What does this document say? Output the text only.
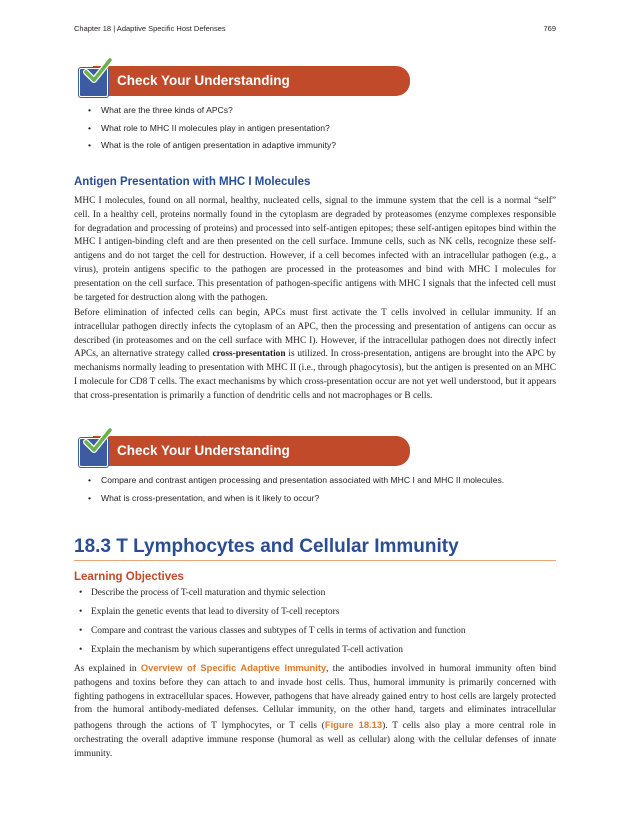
Chapter 18 | Adaptive Specific Host Defenses	769
Check Your Understanding
• What are the three kinds of APCs?
• What role to MHC II molecules play in antigen presentation?
• What is the role of antigen presentation in adaptive immunity?
Antigen Presentation with MHC I Molecules

MHC I molecules, found on all normal, healthy, nucleated cells, signal to the immune system that the cell is a normal “self” cell. In a healthy cell, proteins normally found in the cytoplasm are degraded by proteasomes (enzyme complexes responsible for degradation and processing of proteins) and processed into self-antigen epitopes; these self-antigen epitopes bind within the MHC I antigen-binding cleft and are then presented on the cell surface. Immune cells, such as NK cells, recognize these self-antigens and do not target the cell for destruction. However, if a cell becomes infected with an intracellular pathogen (e.g., a virus), protein antigens specific to the pathogen are processed in the proteasomes and bind with MHC I molecules for presentation on the cell surface. This presentation of pathogen-specific antigens with MHC I signals that the infected cell must be targeted for destruction along with the pathogen.

Before elimination of infected cells can begin, APCs must first activate the T cells involved in cellular immunity. If an intracellular pathogen directly infects the cytoplasm of an APC, then the processing and presentation of antigens can occur as described (in proteasomes and on the cell surface with MHC I). However, if the intracellular pathogen does not directly infect APCs, an alternative strategy called cross-presentation is utilized. In cross-presentation, antigens are brought into the APC by mechanisms normally leading to presentation with MHC II (i.e., through phagocytosis), but the antigen is presented on an MHC I molecule for CD8 T cells. The exact mechanisms by which cross-presentation occur are not yet well understood, but it appears that cross-presentation is primarily a function of dendritic cells and not macrophages or B cells.

Check Your Understanding
• Compare and contrast antigen processing and presentation associated with MHC I and MHC II molecules.
• What is cross-presentation, and when is it likely to occur?
18.3 T Lymphocytes and Cellular Immunity
Learning Objectives
• Describe the process of T-cell maturation and thymic selection
• Explain the genetic events that lead to diversity of T-cell receptors
• Compare and contrast the various classes and subtypes of T cells in terms of activation and function
• Explain the mechanism by which superantigens effect unregulated T-cell activation

As explained in Overview of Specific Adaptive Immunity, the antibodies involved in humoral immunity often bind pathogens and toxins before they can attach to and invade host cells. Thus, humoral immunity is primarily concerned with fighting pathogens in extracellular spaces. However, pathogens that have already gained entry to host cells are largely protected from the humoral antibody-mediated defenses. Cellular immunity, on the other hand, targets and eliminates intracellular pathogens through the actions of T lymphocytes, or T cells (Figure 18.13). T cells also play a more central role in orchestrating the overall adaptive immune response (humoral as well as cellular) along with the cellular defenses of innate immunity.
